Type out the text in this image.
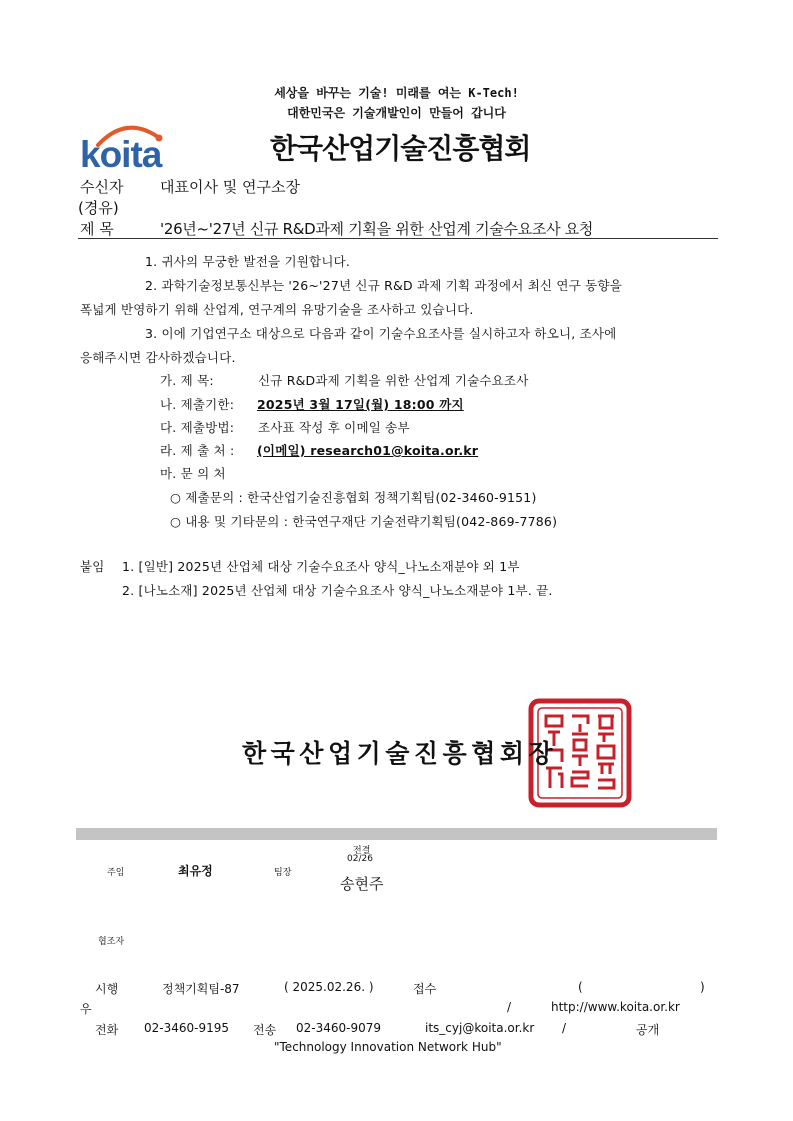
세상을 바꾸는 기술! 미래를 여는 K-Tech!
대한민국은 기술개발인이 만들어 갑니다
koita	한국산업기술진흥협회
수신자 대표이사 및 연구소장
(경유)
제 목	'26년~'27년 신규 R&D과제 기획을 위한 산업계 기술수요조사 요청
1. 귀사의 무궁한 발전을 기원합니다.
2. 과학기술정보통신부는 '26~'27년 신규 R&D 과제 기획 과정에서 최신 연구 동향을
폭넓게 반영하기 위해 산업계, 연구계의 유망기술을 조사하고 있습니다.
3. 이에 기업연구소 대상으로 다음과 같이 기술수요조사를 실시하고자 하오니, 조사에
응해주시면 감사하겠습니다.
가. 제 목:	신규 R&D과제 기획을 위한 산업계 기술수요조사
나. 제출기한: 2025년 3월 17일(월) 18:00 까지
다. 제출방법: 조사표 작성 후 이메일 송부
라. 제 출 처 : (이메일) research01@koita.or.kr
마. 문 의 처
○ 제출문의 : 한국산업기술진흥협회 정책기획팀(02-3460-9151)
○ 내용 및 기타문의 : 한국연구재단 기술전략기획팀(042-869-7786)
붙임 1. [일반] 2025년 산업체 대상 기술수요조사 양식_나노소재분야 외 1부
2. [나노소재] 2025년 산업체 대상 기술수요조사 양식_나노소재분야 1부. 끝.
한국산업기술진흥협회장
주임	최유정	팀장
전결
02/26
송현주
협조자
시행	정책기획팀-87	( 2025.02.26. )	접수	(	)
우	/	http://www.koita.or.kr
전화 02-3460-9195 전송 02-3460-9079	its_cyj@koita.or.kr /	공개
"Technology Innovation Network Hub"
